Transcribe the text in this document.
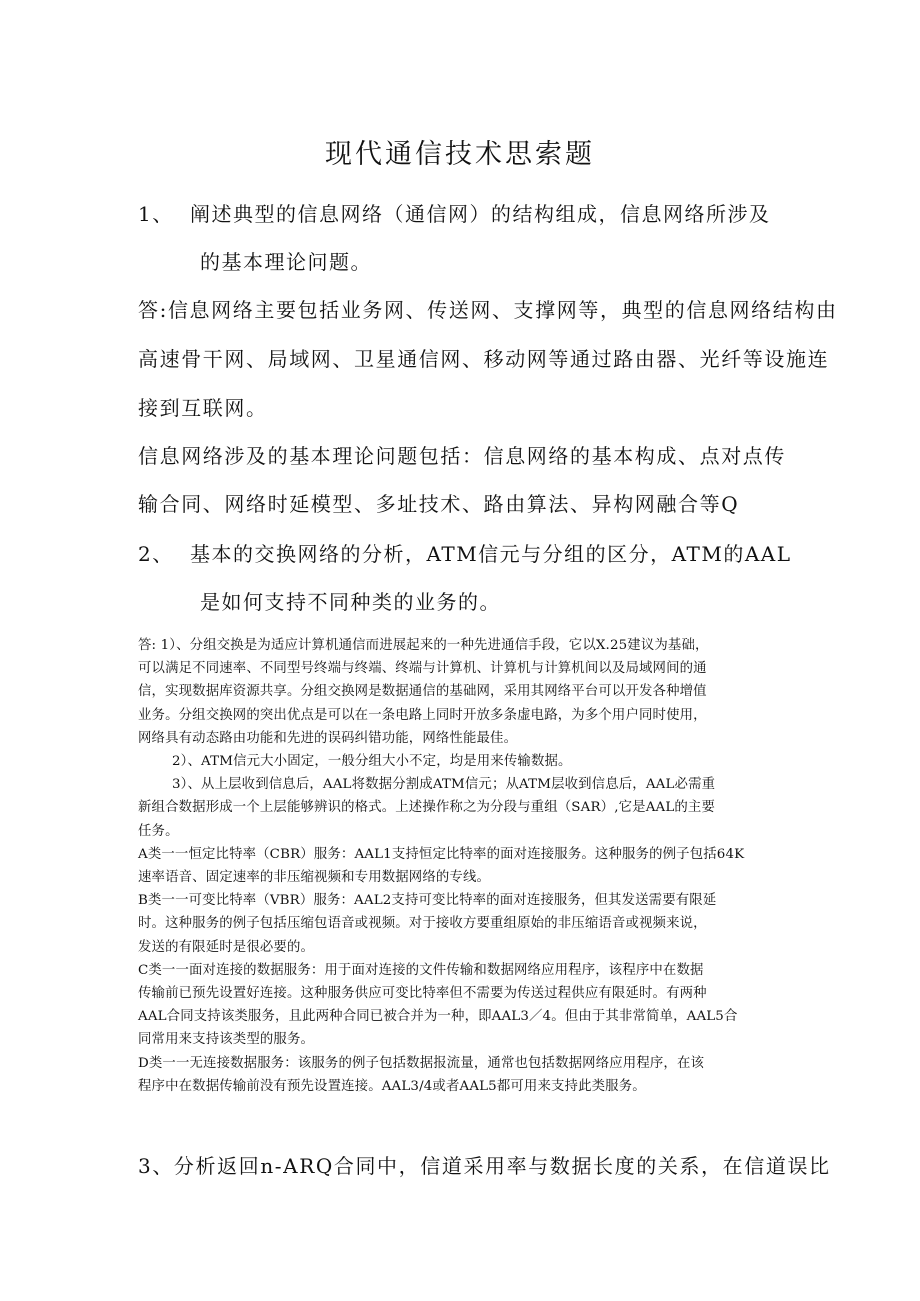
现代通信技术思索题

1、 阐述典型的信息网络（通信网）的结构组成，信息网络所涉及

的基本理论问题。

答:信息网络主要包括业务网、传送网、支撑网等，典型的信息网络结构由

高速骨干网、局域网、卫星通信网、移动网等通过路由器、光纤等设施连

接到互联网。

信息网络涉及的基本理论问题包括：信息网络的基本构成、点对点传

输合同、网络时延模型、多址技术、路由算法、异构网融合等Q

2、 基本的交换网络的分析，ATM信元与分组的区分，ATM的AAL

是如何支持不同种类的业务的。

答: 1）、分组交换是为适应计算机通信而进展起来的一种先进通信手段，它以X.25建议为基础，
可以满足不同速率、不同型号终端与终端、终端与计算机、计算机与计算机间以及局域网间的通
信，实现数据库资源共享。分组交换网是数据通信的基础网，采用其网络平台可以开发各种增值
业务。分组交换网的突出优点是可以在一条电路上同时开放多条虚电路，为多个用户同时使用，
网络具有动态路由功能和先进的误码纠错功能，网络性能最佳。
2）、ATM信元大小固定，一般分组大小不定，均是用来传输数据。
3）、从上层收到信息后，AAL将数据分割成ATM信元；从ATM层收到信息后，AAL必需重
新组合数据形成一个上层能够辨识的格式。上述操作称之为分段与重组（SAR）,它是AAL的主要
任务。
A类一一恒定比特率（CBR）服务：AAL1支持恒定比特率的面对连接服务。这种服务的例子包括64K
速率语音、固定速率的非压缩视频和专用数据网络的专线。
B类一一可变比特率（VBR）服务：AAL2支持可变比特率的面对连接服务，但其发送需要有限延
时。这种服务的例子包括压缩包语音或视频。对于接收方要重组原始的非压缩语音或视频来说，
发送的有限延时是很必要的。
C类一一面对连接的数据服务：用于面对连接的文件传输和数据网络应用程序，该程序中在数据
传输前已预先设置好连接。这种服务供应可变比特率但不需要为传送过程供应有限延时。有两种
AAL合同支持该类服务，且此两种合同已被合并为一种，即AAL3／4。但由于其非常简单，AAL5合
同常用来支持该类型的服务。
D类一一无连接数据服务：该服务的例子包括数据报流量，通常也包括数据网络应用程序，在该
程序中在数据传输前没有预先设置连接。AAL3/4或者AAL5都可用来支持此类服务。

3、分析返回n-ARQ合同中，信道采用率与数据长度的关系，在信道误比
